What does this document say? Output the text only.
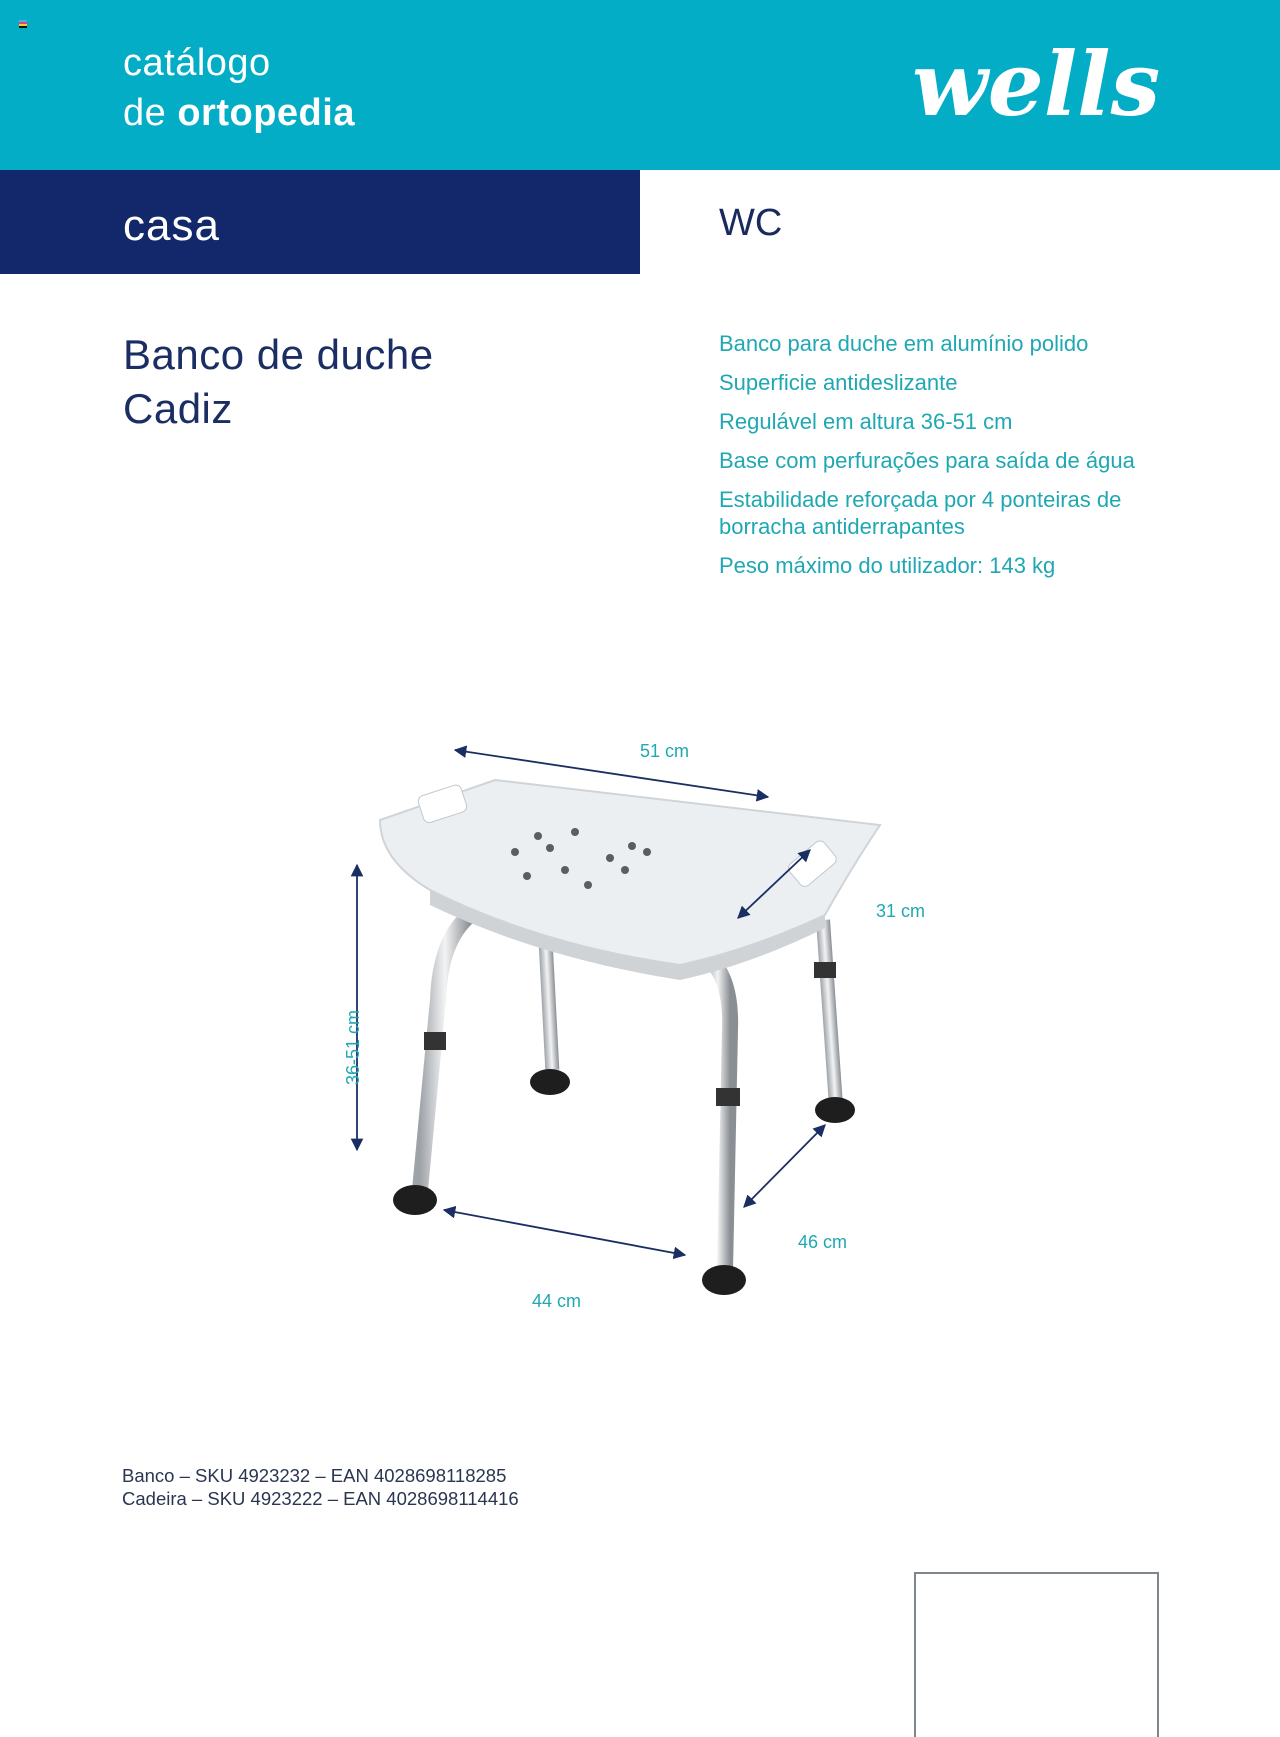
catálogo
de ortopedia	wells
casa	WC
Banco de duche
Cadiz
Banco para duche em alumínio polido
Superficie antideslizante
Regulável em altura 36-51 cm
Base com perfurações para saída de água
Estabilidade reforçada por 4 ponteiras de borracha antiderrapantes
Peso máximo do utilizador: 143 kg
51 cm
31 cm
36-51 cm
44 cm
46 cm
Banco – SKU 4923232 – EAN 4028698118285
Cadeira – SKU 4923222 – EAN 4028698114416
